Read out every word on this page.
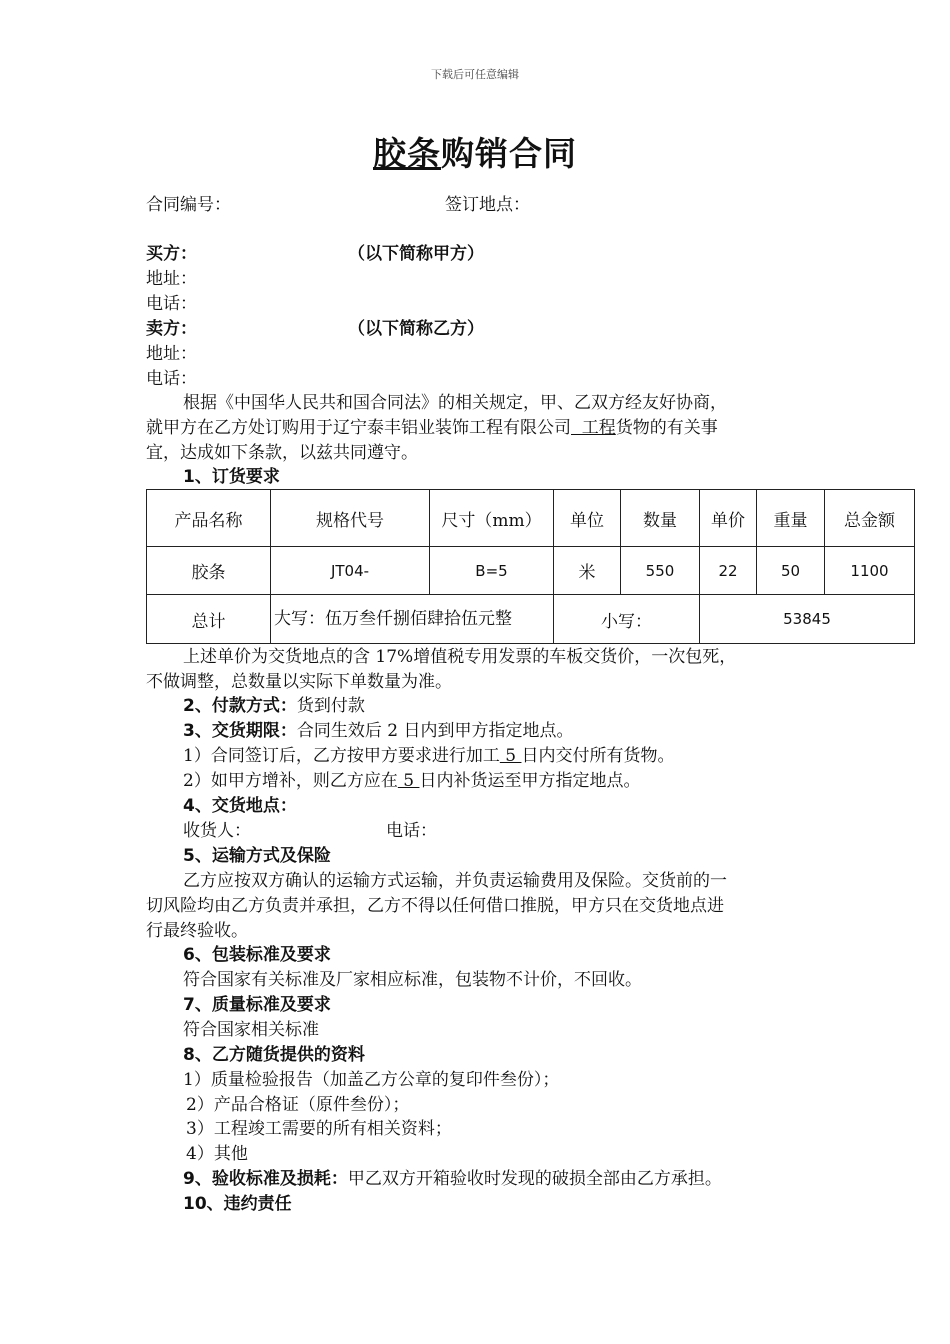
下载后可任意编辑
胶条购销合同
合同编号：	签订地点：
买方：	（以下简称甲方）
地址：
电话：
卖方：	（以下简称乙方）
地址：
电话：
根据《中国华人民共和国合同法》的相关规定，甲、乙双方经友好协商，
就甲方在乙方处订购用于辽宁泰丰铝业装饰工程有限公司  工程货物的有关事
宜，达成如下条款，以兹共同遵守。
1、订货要求
产品名称	规格代号	尺寸（mm）	单位	数量	单价	重量	总金额
胶条	JT04-	B=5	米	550	22	50	1100
总计	大写：伍万叁仟捌佰肆拾伍元整		小写：		53845		
上述单价为交货地点的含 17%增值税专用发票的车板交货价，一次包死，
不做调整，总数量以实际下单数量为准。
2、付款方式：货到付款
3、交货期限：合同生效后 2 日内到甲方指定地点。
1）合同签订后，乙方按甲方要求进行加工 5 日内交付所有货物。
2）如甲方增补，则乙方应在 5 日内补货运至甲方指定地点。
4、交货地点：
收货人：	电话：
5、运输方式及保险
乙方应按双方确认的运输方式运输，并负责运输费用及保险。交货前的一
切风险均由乙方负责并承担，乙方不得以任何借口推脱，甲方只在交货地点进
行最终验收。
6、包装标准及要求
符合国家有关标准及厂家相应标准，包装物不计价，不回收。
7、质量标准及要求
符合国家相关标准
8、乙方随货提供的资料
1）质量检验报告（加盖乙方公章的复印件叁份）；
2）产品合格证（原件叁份）；
3）工程竣工需要的所有相关资料；
4）其他
9、验收标准及损耗：甲乙双方开箱验收时发现的破损全部由乙方承担。
10、违约责任
